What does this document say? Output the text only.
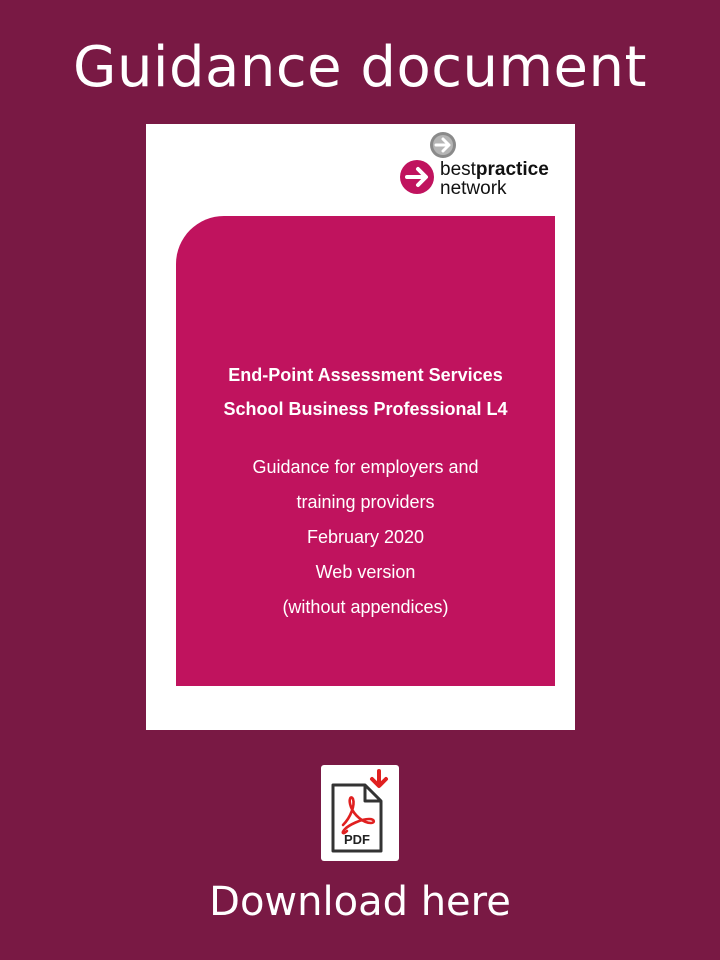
Guidance document
bestpractice
network
End-Point Assessment Services
School Business Professional L4
Guidance for employers and
training providers
February 2020
Web version
(without appendices)
PDF
Download here
